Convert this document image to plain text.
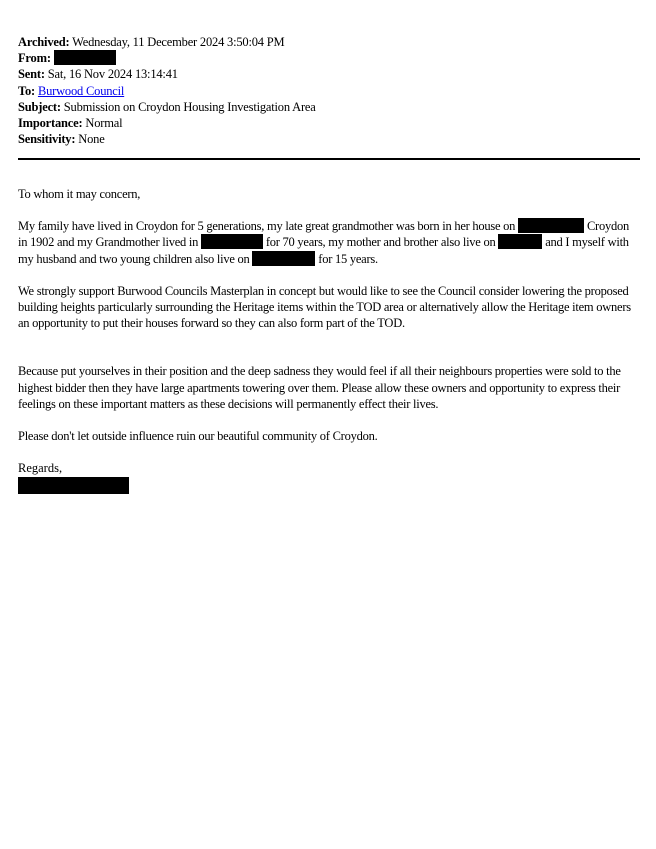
Archived: Wednesday, 11 December 2024 3:50:04 PM
From:
Sent: Sat, 16 Nov 2024 13:14:41
To: Burwood Council
Subject: Submission on Croydon Housing Investigation Area
Importance: Normal
Sensitivity: None

To whom it may concern,

My family have lived in Croydon for 5 generations, my late great grandmother was born in her house on	Croydon in 1902 and my Grandmother lived in	for 70 years, my mother and brother also live on	and I myself with my husband and two young children also live on	for 15 years.

We strongly support Burwood Councils Masterplan in concept but would like to see the Council consider lowering the proposed building heights particularly surrounding the Heritage items within the TOD area or alternatively allow the Heritage item owners an opportunity to put their houses forward so they can also form part of the TOD.

Because put yourselves in their position and the deep sadness they would feel if all their neighbours properties were sold to the highest bidder then they have large apartments towering over them. Please allow these owners and opportunity to express their feelings on these important matters as these decisions will permanently effect their lives.

Please don't let outside influence ruin our beautiful community of Croydon.

Regards,
